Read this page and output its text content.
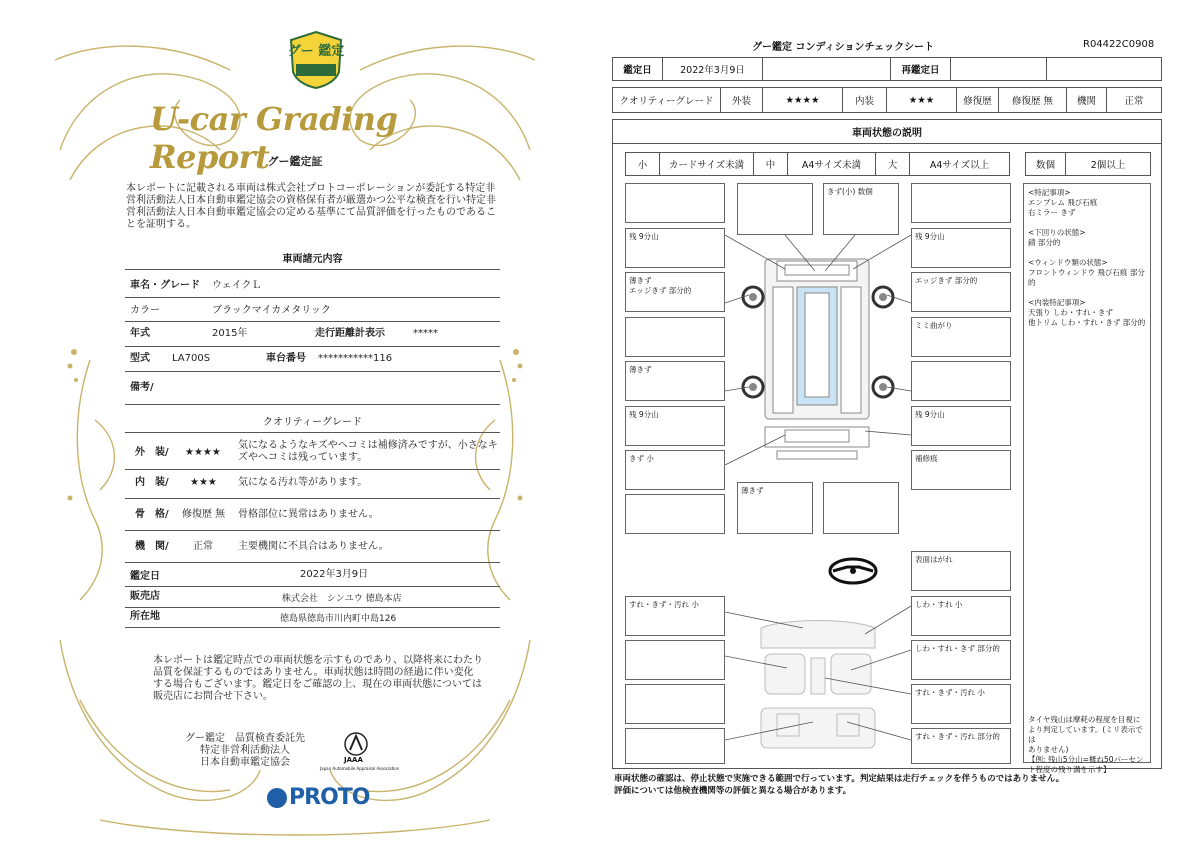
グー 鑑定
U-car Grading Report
グー鑑定証
本レポートに記載される車両は株式会社プロトコーポレーションが委託する特定非営利活動法人日本自動車鑑定協会の資格保有者が厳選かつ公平な検査を行い特定非営利活動法人日本自動車鑑定協会の定める基準にて品質評価を行ったものであることを証明する。
車両諸元内容
車名・グレード ウェイクＬ
カラー	ブラックマイカメタリック
年式	2015年	走行距離計表示	*****
型式 LA700S	車台番号 ***********116
備考/
クオリティーグレード
外　装/ ★★★★
気になるようなキズやヘコミは補修済みですが、小さなキズやヘコミは残っています。
内　装/ ★★★ 気になる汚れ等があります。
骨　格/ 修復歴 無 骨格部位に異常はありません。
機　関/ 正常	主要機関に不具合はありません。
鑑定日	2022年3月9日
販売店	株式会社　シンユウ 徳島本店
所在地	徳島県徳島市川内町中島126
本レポートは鑑定時点での車両状態を示すものであり、以降将来にわたり品質を保証するものではありません。車両状態は時間の経過に伴い変化する場合もございます。鑑定日をご確認の上、現在の車両状態については販売店にお問合せ下さい。
グー鑑定　品質検査委託先
特定非営利活動法人
日本自動車鑑定協会	JAAA
Japan Automobile Appraisal Association
PROTO
グー鑑定 コンディションチェックシート	R04422C0908
鑑定日	2022年3月9日	再鑑定日
クオリティーグレード	外装	★★★★	内装	★★★	修復歴	修復歴 無	機関	正常
車両状態の説明
小	カードサイズ未満	中	A4サイズ未満	大	A4サイズ以上	数個	2個以上
残 9分山
薄きず
エッジきず 部分的
薄きず
残 9分山
きず 小
きず(小) 数個
残 9分山
エッジきず 部分的
ミミ曲がり
残 9分山
補修痕
薄きず
表面はがれ
すれ・きず・汚れ 小	しわ・すれ 小
しわ・すれ・きず 部分的
すれ・きず・汚れ 小
すれ・きず・汚れ 部分的
<特記事項>
エンブレム 飛び石痕
右ミラー きず
<下回りの状態>
錆 部分的
<ウィンドウ類の状態>
フロントウィンドウ 飛び石痕 部分的
<内装特記事項>
天張り しわ・すれ・きず
他トリム しわ・すれ・きず 部分的
タイヤ残山は摩耗の程度を目視に
より判定しています。(ミリ表示では
ありません)
【例: 残山5分山=概ね50パーセン
ト程度の残り溝を示す】
車両状態の確認は、停止状態で実施できる範囲で行っています。判定結果は走行チェックを伴うものではありません。
評価については他検査機関等の評価と異なる場合があります。
